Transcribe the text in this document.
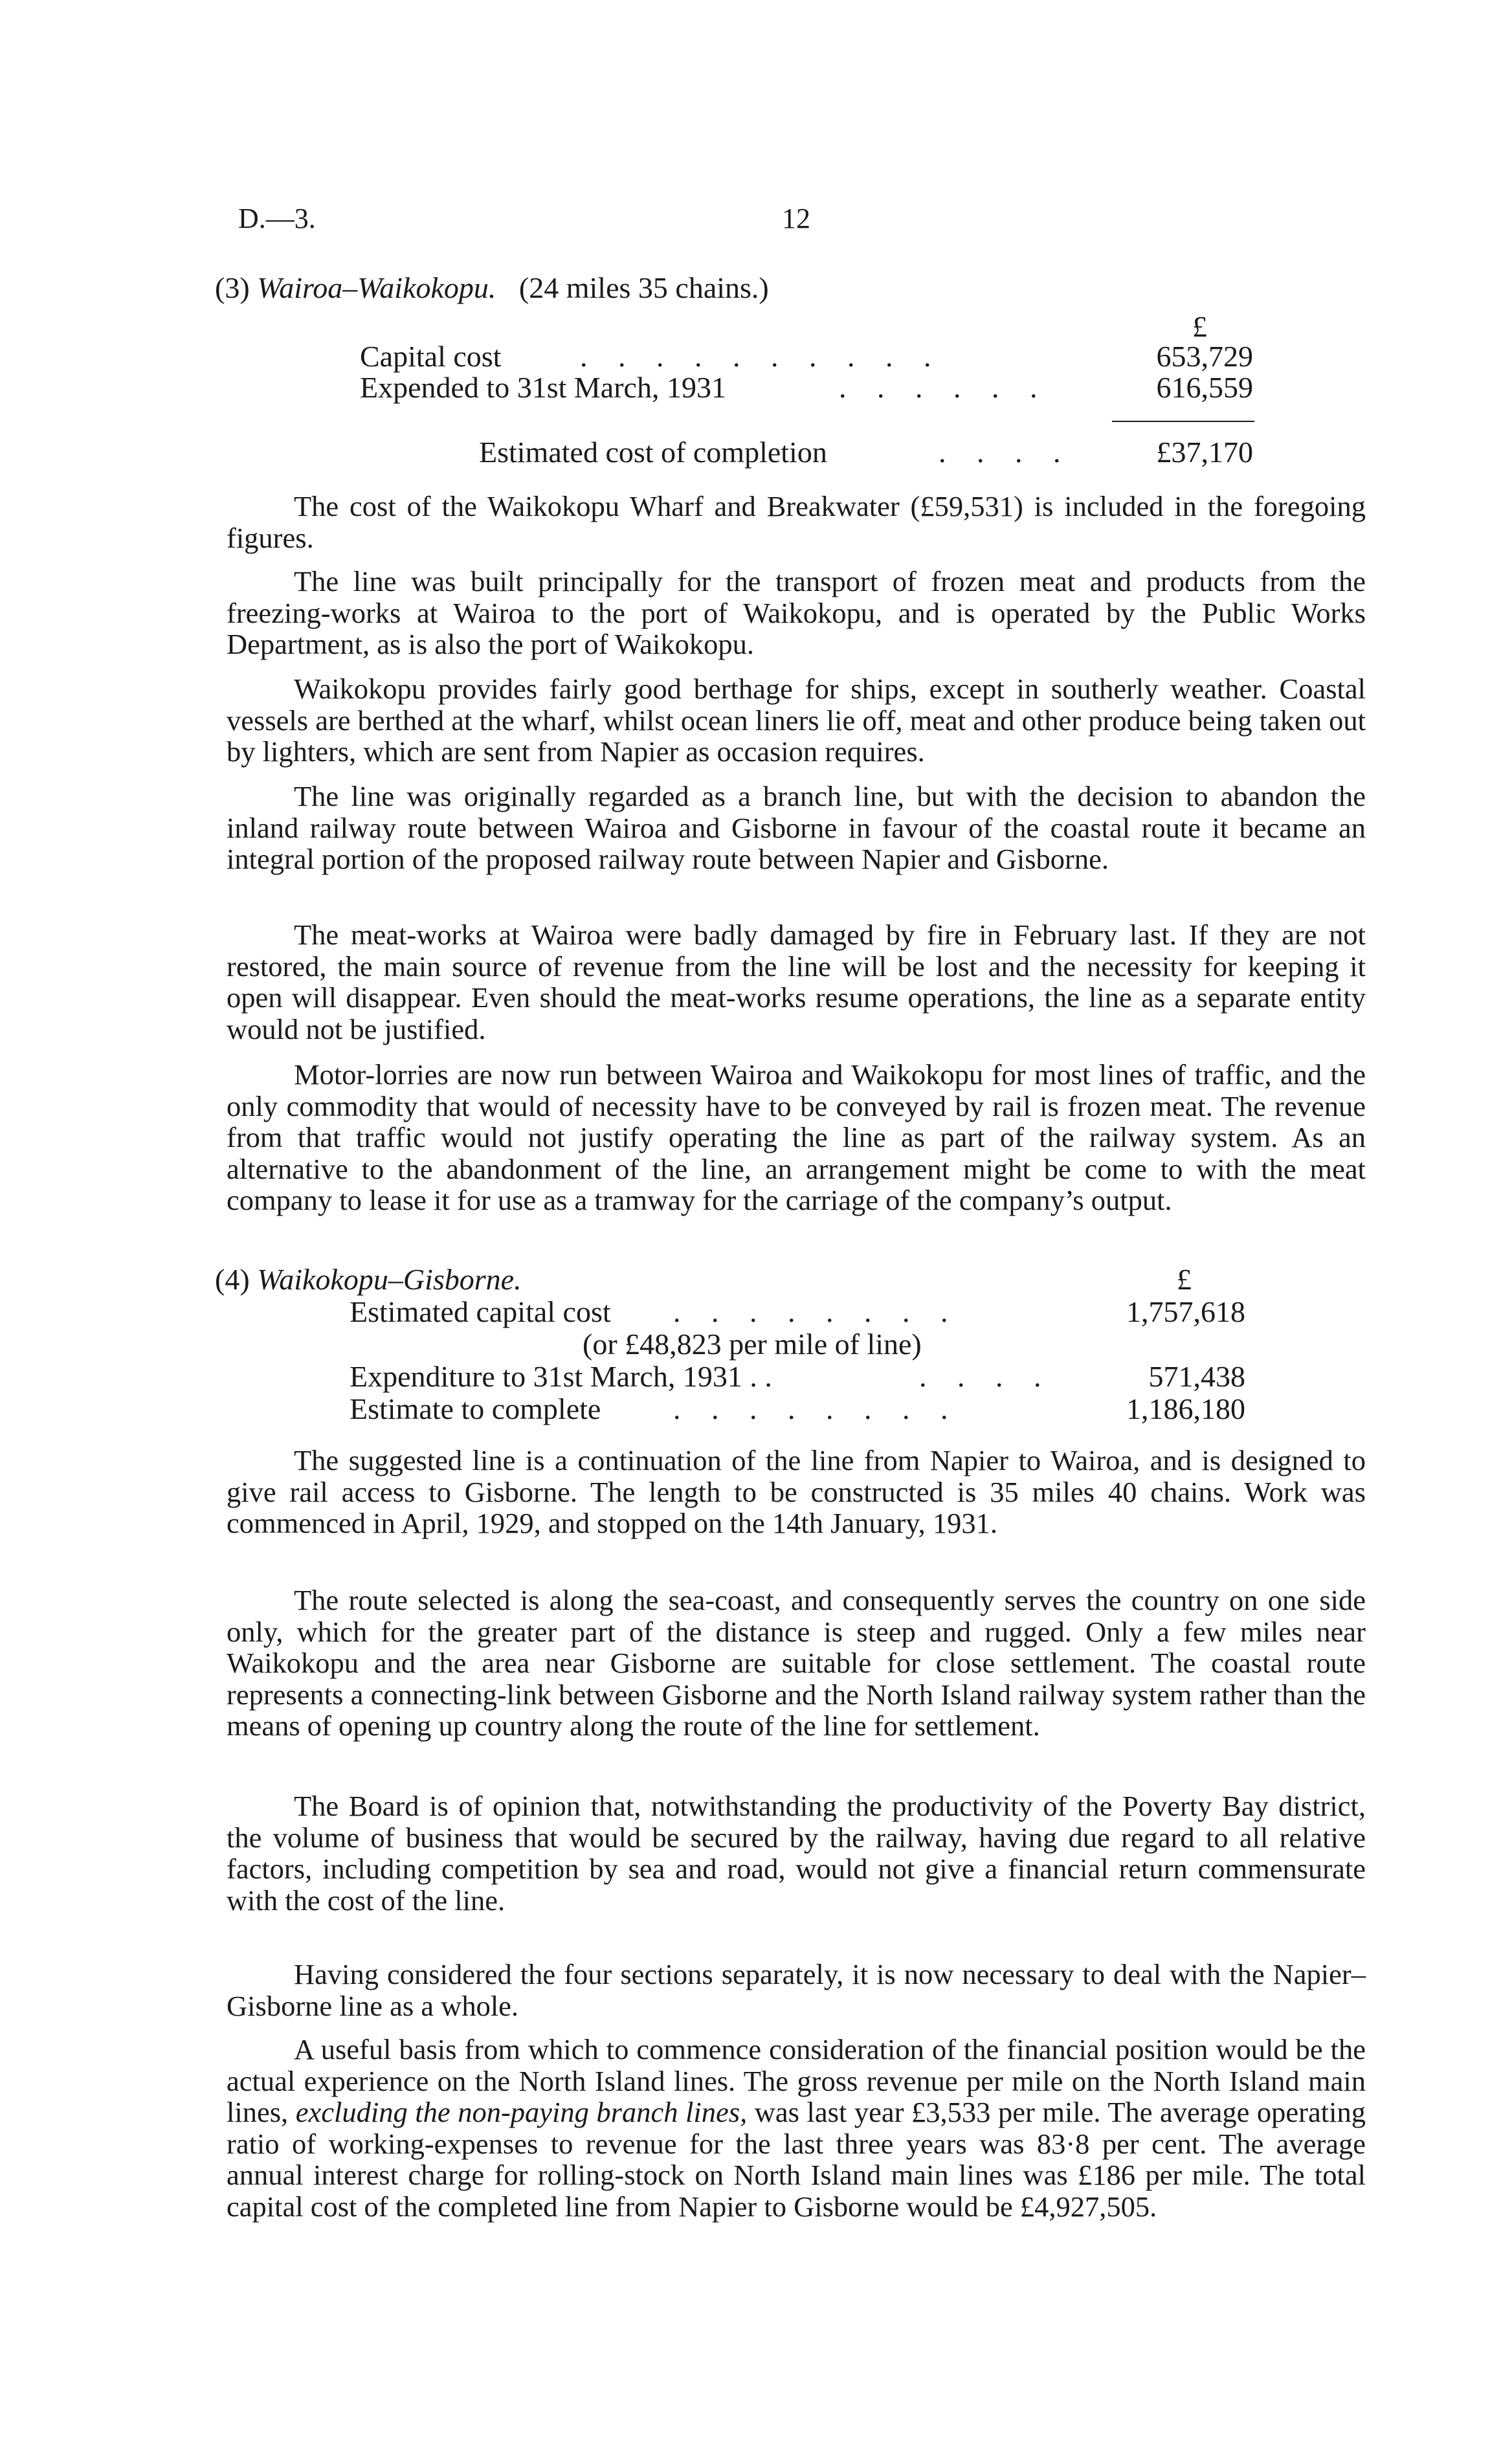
D.—3.	12
(3) Wairoa–Waikokopu. (24 miles 35 chains.)
£
Capital cost	. . . . . . . . . .	653,729
Expended to 31st March, 1931	. . . . . .	616,559
Estimated cost of completion	. . . .	£37,170

The cost of the Waikokopu Wharf and Breakwater (£59,531) is included in the foregoing figures.

The line was built principally for the transport of frozen meat and products from the freezing-works at Wairoa to the port of Waikokopu, and is operated by the Public Works Department, as is also the port of Waikokopu.

Waikokopu provides fairly good berthage for ships, except in southerly weather. Coastal vessels are berthed at the wharf, whilst ocean liners lie off, meat and other produce being taken out by lighters, which are sent from Napier as occasion requires.

The line was originally regarded as a branch line, but with the decision to abandon the inland railway route between Wairoa and Gisborne in favour of the coastal route it became an integral portion of the proposed railway route between Napier and Gisborne.

The meat-works at Wairoa were badly damaged by fire in February last. If they are not restored, the main source of revenue from the line will be lost and the necessity for keeping it open will disappear. Even should the meat-works resume operations, the line as a separate entity would not be justified.

Motor-lorries are now run between Wairoa and Waikokopu for most lines of traffic, and the only commodity that would of necessity have to be conveyed by rail is frozen meat. The revenue from that traffic would not justify operating the line as part of the railway system. As an alternative to the abandonment of the line, an arrangement might be come to with the meat company to lease it for use as a tramway for the carriage of the company’s output.

(4) Waikokopu–Gisborne.	£
Estimated capital cost . . . . . . . .	1,757,618
(or £48,823 per mile of line)
Expenditure to 31st March, 1931 . .	. . . .	571,438
Estimate to complete . . . . . . . .	1,186,180

The suggested line is a continuation of the line from Napier to Wairoa, and is designed to give rail access to Gisborne. The length to be constructed is 35 miles 40 chains. Work was commenced in April, 1929, and stopped on the 14th January, 1931.

The route selected is along the sea-coast, and consequently serves the country on one side only, which for the greater part of the distance is steep and rugged. Only a few miles near Waikokopu and the area near Gisborne are suitable for close settlement. The coastal route represents a connecting-link between Gisborne and the North Island railway system rather than the means of opening up country along the route of the line for settlement.

The Board is of opinion that, notwithstanding the productivity of the Poverty Bay district, the volume of business that would be secured by the railway, having due regard to all relative factors, including competition by sea and road, would not give a financial return commensurate with the cost of the line.

Having considered the four sections separately, it is now necessary to deal with the Napier–Gisborne line as a whole.

A useful basis from which to commence consideration of the financial position would be the actual experience on the North Island lines. The gross revenue per mile on the North Island main lines, excluding the non-paying branch lines, was last year £3,533 per mile. The average operating ratio of working-expenses to revenue for the last three years was 83·8 per cent. The average annual interest charge for rolling-stock on North Island main lines was £186 per mile. The total capital cost of the completed line from Napier to Gisborne would be £4,927,505.
